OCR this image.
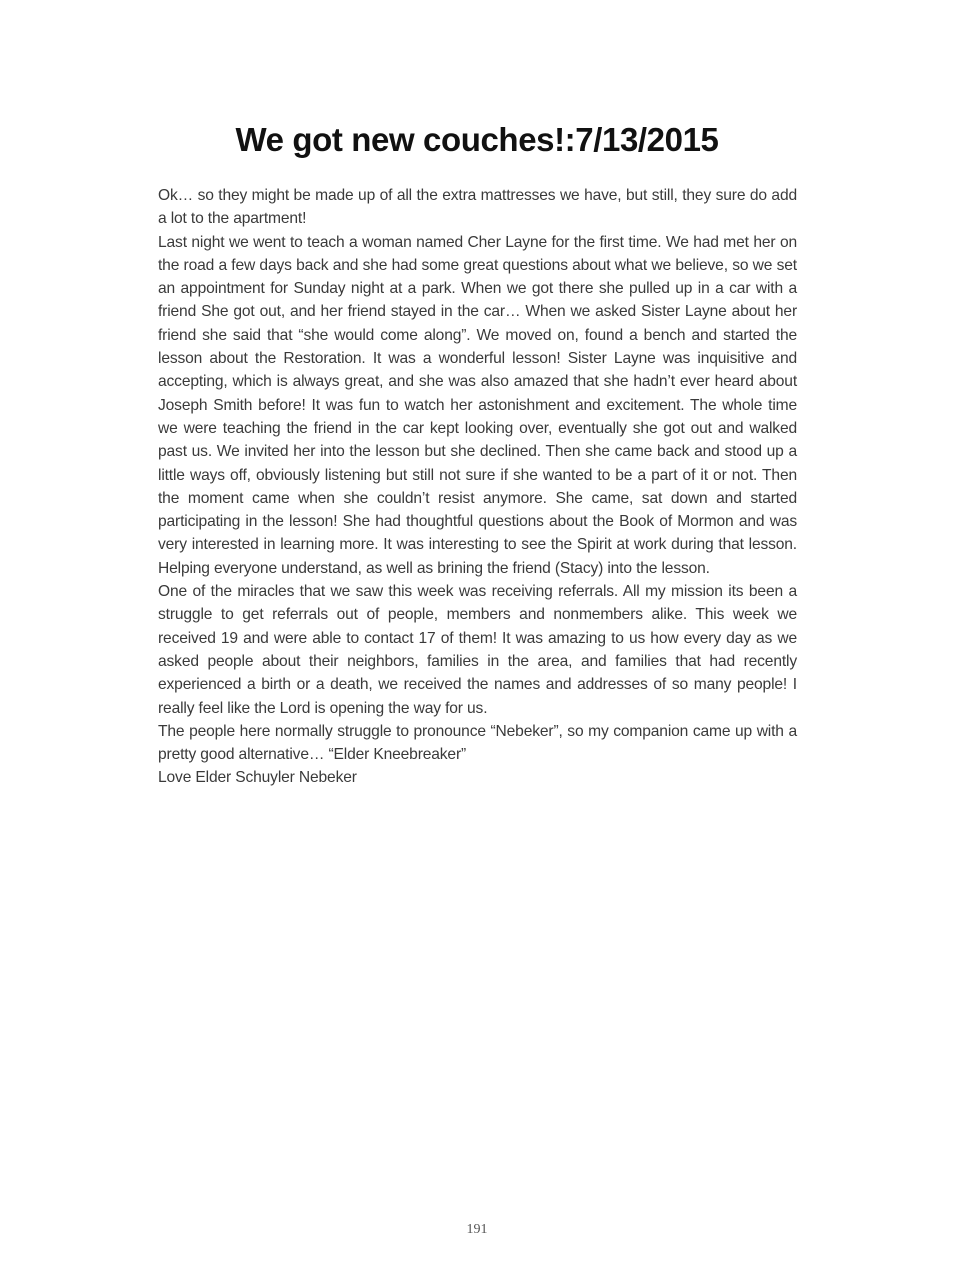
We got new couches!:7/13/2015

Ok… so they might be made up of all the extra mattresses we have, but still, they sure do add a lot to the apartment!

Last night we went to teach a woman named Cher Layne for the first time. We had met her on the road a few days back and she had some great questions about what we believe, so we set an appointment for Sunday night at a park. When we got there she pulled up in a car with a friend She got out, and her friend stayed in the car… When we asked Sister Layne about her friend she said that “she would come along”. We moved on, found a bench and started the lesson about the Restoration. It was a wonderful lesson! Sister Layne was inquisitive and accepting, which is always great, and she was also amazed that she hadn’t ever heard about Joseph Smith before! It was fun to watch her astonishment and excitement. The whole time we were teaching the friend in the car kept looking over, eventually she got out and walked past us. We invited her into the lesson but she declined. Then she came back and stood up a little ways off, obviously listening but still not sure if she wanted to be a part of it or not. Then the moment came when she couldn’t resist anymore. She came, sat down and started participating in the lesson! She had thoughtful questions about the Book of Mormon and was very interested in learning more. It was interesting to see the Spirit at work during that lesson. Helping everyone understand, as well as brining the friend (Stacy) into the lesson.

One of the miracles that we saw this week was receiving referrals. All my mission its been a struggle to get referrals out of people, members and nonmembers alike. This week we received 19 and were able to contact 17 of them! It was amazing to us how every day as we asked people about their neighbors, families in the area, and families that had recently experienced a birth or a death, we received the names and addresses of so many people! I really feel like the Lord is opening the way for us.

The people here normally struggle to pronounce “Nebeker”, so my companion came up with a pretty good alternative… “Elder Kneebreaker”

Love Elder Schuyler Nebeker

191
